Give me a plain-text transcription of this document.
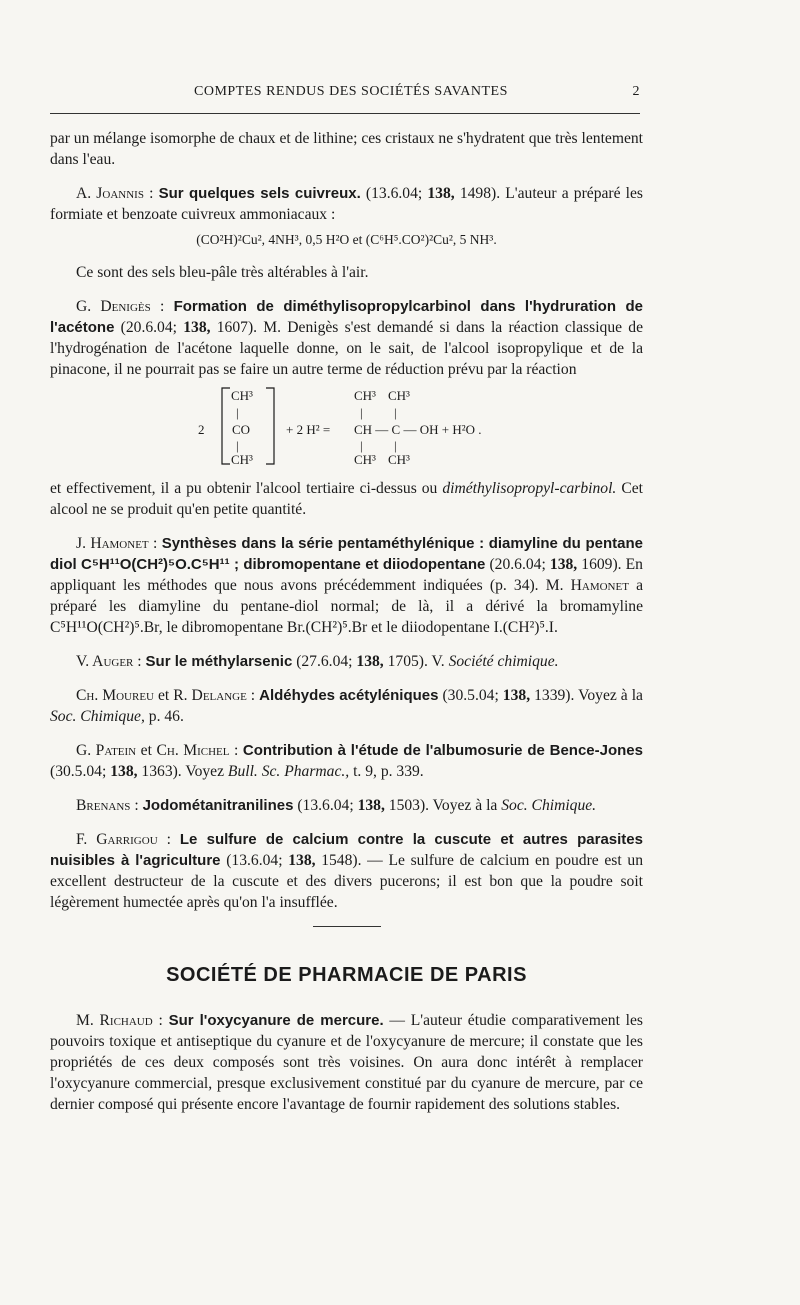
COMPTES RENDUS DES SOCIÉTÉS SAVANTES	2

par un mélange isomorphe de chaux et de lithine; ces cristaux ne s'hydratent que très lentement dans l'eau.

A. Joannis : Sur quelques sels cuivreux. (13.6.04; 138, 1498). L'auteur a préparé les formiate et benzoate cuivreux ammoniacaux :

(CO²H)²Cu², 4NH³, 0,5 H²O et (C⁶H⁵.CO²)²Cu², 5 NH³.

Ce sont des sels bleu-pâle très altérables à l'air.

G. Denigès : Formation de diméthylisopropylcarbinol dans l'hydruration de l'acétone (20.6.04; 138, 1607). M. Denigès s'est demandé si dans la réaction classique de l'hydrogénation de l'acétone laquelle donne, on le sait, de l'alcool isopropylique et de la pinacone, il ne pourrait pas se faire un autre terme de réduction prévu par la réaction

2
CH³
|
CO
|
CH³
+ 2 H² =
CH³ CH³
| |
CH — C — OH + H²O .
| |
CH³ CH³

et effectivement, il a pu obtenir l'alcool tertiaire ci-dessus ou diméthylisopropyl-carbinol. Cet alcool ne se produit qu'en petite quantité.

J. Hamonet : Synthèses dans la série pentaméthylénique : diamyline du pentane diol C⁵H¹¹O(CH²)⁵O.C⁵H¹¹ ; dibromopentane et diiodopentane (20.6.04; 138, 1609). En appliquant les méthodes que nous avons précédemment indiquées (p. 34). M. Hamonet a préparé les diamyline du pentane-diol normal; de là, il a dérivé la bromamyline C⁵H¹¹O(CH²)⁵.Br, le dibromopentane Br.(CH²)⁵.Br et le diiodopentane I.(CH²)⁵.I.

V. Auger : Sur le méthylarsenic (27.6.04; 138, 1705). V. Société chimique.

Ch. Moureu et R. Delange : Aldéhydes acétyléniques (30.5.04; 138, 1339). Voyez à la Soc. Chimique, p. 46.

G. Patein et Ch. Michel : Contribution à l'étude de l'albumosurie de Bence-Jones (30.5.04; 138, 1363). Voyez Bull. Sc. Pharmac., t. 9, p. 339.

Brenans : Jodométanitranilines (13.6.04; 138, 1503). Voyez à la Soc. Chimique.

F. Garrigou : Le sulfure de calcium contre la cuscute et autres parasites nuisibles à l'agriculture (13.6.04; 138, 1548). — Le sulfure de calcium en poudre est un excellent destructeur de la cuscute et des divers pucerons; il est bon que la poudre soit légèrement humectée après qu'on l'a insufflée.

SOCIÉTÉ DE PHARMACIE DE PARIS

M. Richaud : Sur l'oxycyanure de mercure. — L'auteur étudie comparativement les pouvoirs toxique et antiseptique du cyanure et de l'oxycyanure de mercure; il constate que les propriétés de ces deux composés sont très voisines. On aura donc intérêt à remplacer l'oxycyanure commercial, presque exclusivement constitué par du cyanure de mercure, par ce dernier composé qui présente encore l'avantage de fournir rapidement des solutions stables.
